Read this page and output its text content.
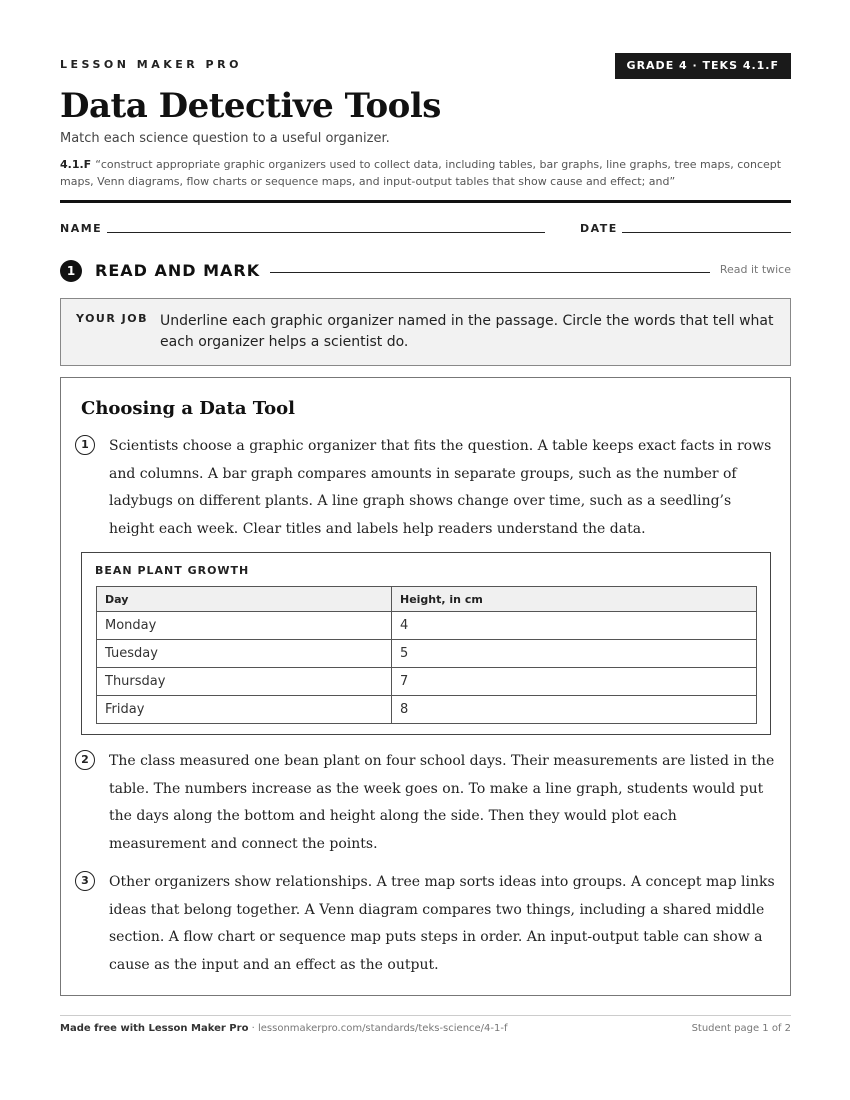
LESSON MAKER PRO	GRADE 4 · TEKS 4.1.F
Data Detective Tools
Match each science question to a useful organizer.
4.1.F “construct appropriate graphic organizers used to collect data, including tables, bar graphs, line graphs, tree maps, concept maps, Venn diagrams, flow charts or sequence maps, and input-output tables that show cause and effect; and”
NAME	DATE
1	READ AND MARK	Read it twice
YOUR JOB Underline each graphic organizer named in the passage. Circle the words that tell what each organizer helps a scientist do.
Choosing a Data Tool
1	Scientists choose a graphic organizer that fits the question. A table keeps exact facts in rows and columns. A bar graph compares amounts in separate groups, such as the number of ladybugs on different plants. A line graph shows change over time, such as a seedling’s height each week. Clear titles and labels help readers understand the data.
BEAN PLANT GROWTH
Day	Height, in cm
Monday	4
Tuesday	5
Thursday	7
Friday	8
2	The class measured one bean plant on four school days. Their measurements are listed in the table. The numbers increase as the week goes on. To make a line graph, students would put the days along the bottom and height along the side. Then they would plot each measurement and connect the points.
3	Other organizers show relationships. A tree map sorts ideas into groups. A concept map links ideas that belong together. A Venn diagram compares two things, including a shared middle section. A flow chart or sequence map puts steps in order. An input-output table can show a cause as the input and an effect as the output.
Made free with Lesson Maker Pro · lessonmakerpro.com/standards/teks-science/4-1-f	Student page 1 of 2
